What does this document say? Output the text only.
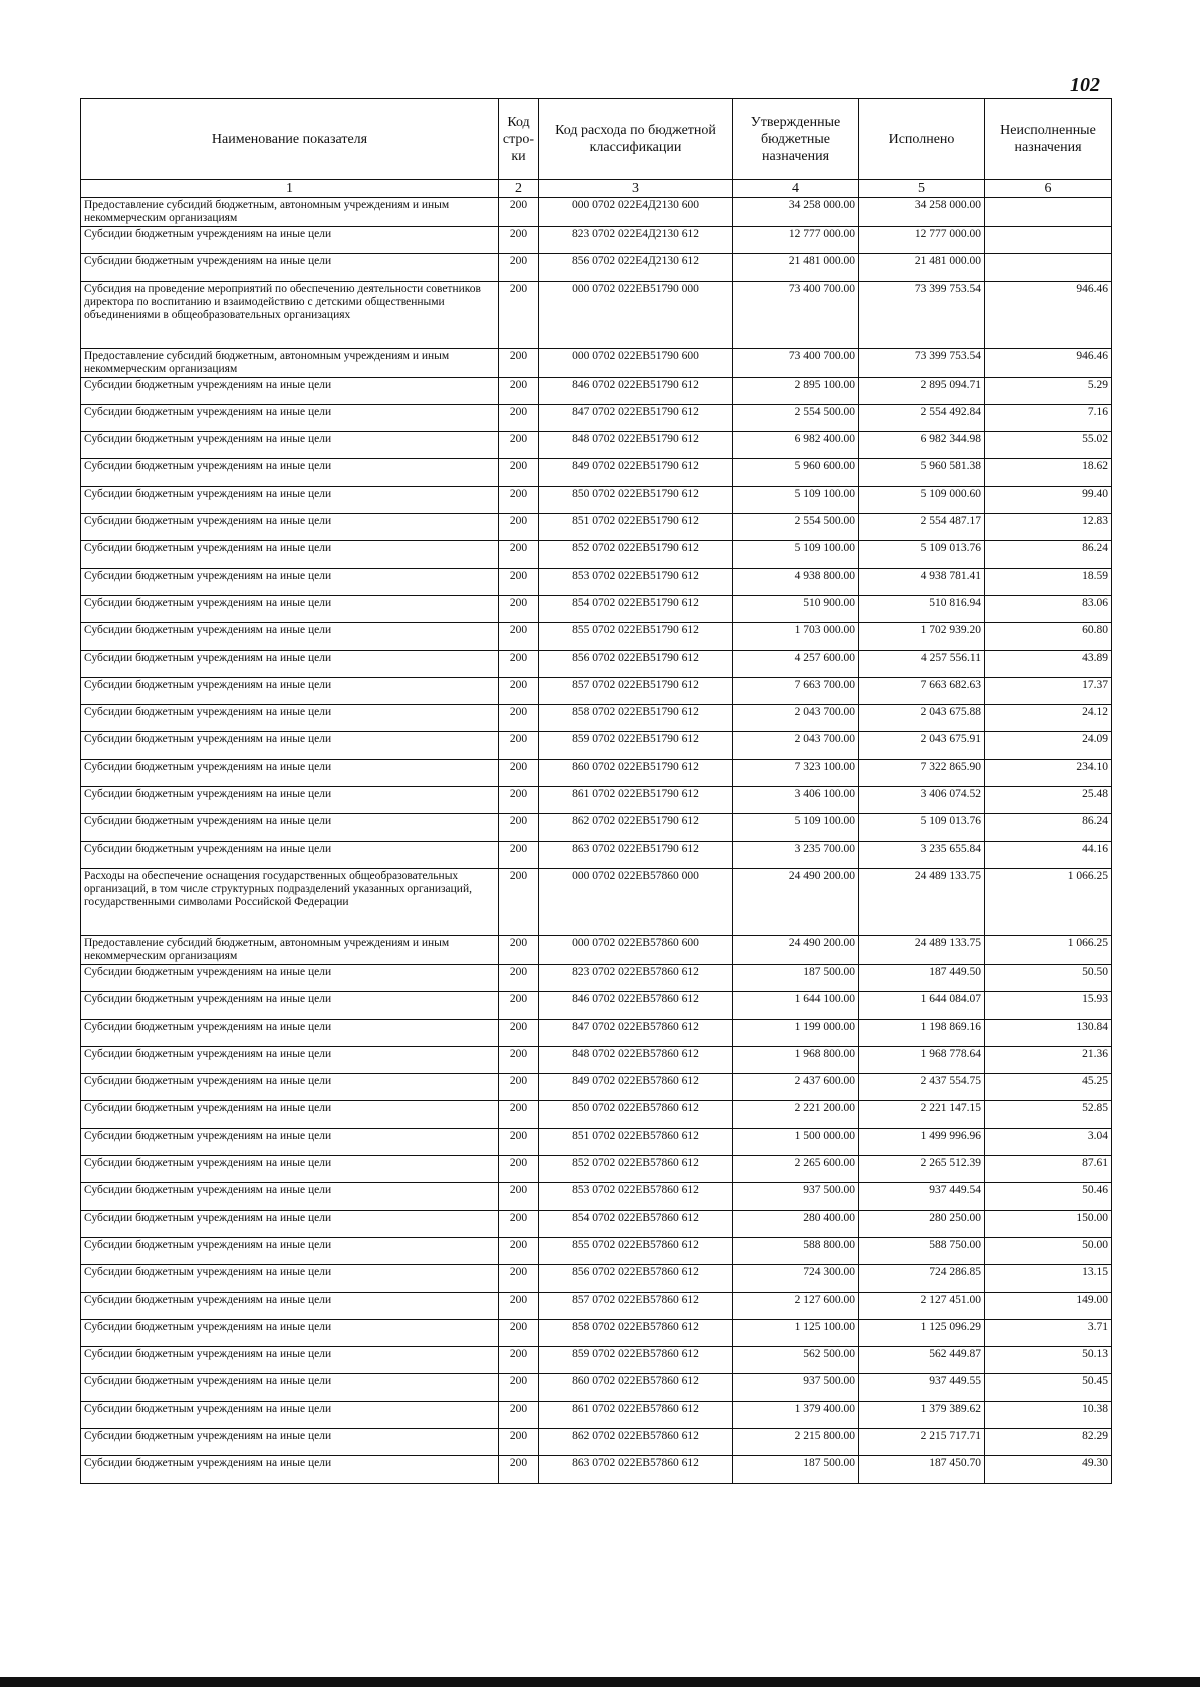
102
Наименование показателя	Код стро-ки	Код расхода по бюджетной классификации	Утвержденные бюджетные назначения	Исполнено	Неисполненные назначения
1	2	3	4	5	6
Предоставление субсидий бюджетным, автономным учреждениям и иным некоммерческим организациям	200	000 0702 022Е4Д2130 600	34 258 000.00	34 258 000.00	
Субсидии бюджетным учреждениям на иные цели	200	823 0702 022Е4Д2130 612	12 777 000.00	12 777 000.00	
Субсидии бюджетным учреждениям на иные цели	200	856 0702 022Е4Д2130 612	21 481 000.00	21 481 000.00	
Субсидия на проведение мероприятий по обеспечению деятельности советников директора по воспитанию и взаимодействию с детскими общественными объединениями в общеобразовательных организациях	200	000 0702 022ЕВ51790 000	73 400 700.00	73 399 753.54	946.46
Предоставление субсидий бюджетным, автономным учреждениям и иным некоммерческим организациям	200	000 0702 022ЕВ51790 600	73 400 700.00	73 399 753.54	946.46
Субсидии бюджетным учреждениям на иные цели	200	846 0702 022ЕВ51790 612	2 895 100.00	2 895 094.71	5.29
Субсидии бюджетным учреждениям на иные цели	200	847 0702 022ЕВ51790 612	2 554 500.00	2 554 492.84	7.16
Субсидии бюджетным учреждениям на иные цели	200	848 0702 022ЕВ51790 612	6 982 400.00	6 982 344.98	55.02
Субсидии бюджетным учреждениям на иные цели	200	849 0702 022ЕВ51790 612	5 960 600.00	5 960 581.38	18.62
Субсидии бюджетным учреждениям на иные цели	200	850 0702 022ЕВ51790 612	5 109 100.00	5 109 000.60	99.40
Субсидии бюджетным учреждениям на иные цели	200	851 0702 022ЕВ51790 612	2 554 500.00	2 554 487.17	12.83
Субсидии бюджетным учреждениям на иные цели	200	852 0702 022ЕВ51790 612	5 109 100.00	5 109 013.76	86.24
Субсидии бюджетным учреждениям на иные цели	200	853 0702 022ЕВ51790 612	4 938 800.00	4 938 781.41	18.59
Субсидии бюджетным учреждениям на иные цели	200	854 0702 022ЕВ51790 612	510 900.00	510 816.94	83.06
Субсидии бюджетным учреждениям на иные цели	200	855 0702 022ЕВ51790 612	1 703 000.00	1 702 939.20	60.80
Субсидии бюджетным учреждениям на иные цели	200	856 0702 022ЕВ51790 612	4 257 600.00	4 257 556.11	43.89
Субсидии бюджетным учреждениям на иные цели	200	857 0702 022ЕВ51790 612	7 663 700.00	7 663 682.63	17.37
Субсидии бюджетным учреждениям на иные цели	200	858 0702 022ЕВ51790 612	2 043 700.00	2 043 675.88	24.12
Субсидии бюджетным учреждениям на иные цели	200	859 0702 022ЕВ51790 612	2 043 700.00	2 043 675.91	24.09
Субсидии бюджетным учреждениям на иные цели	200	860 0702 022ЕВ51790 612	7 323 100.00	7 322 865.90	234.10
Субсидии бюджетным учреждениям на иные цели	200	861 0702 022ЕВ51790 612	3 406 100.00	3 406 074.52	25.48
Субсидии бюджетным учреждениям на иные цели	200	862 0702 022ЕВ51790 612	5 109 100.00	5 109 013.76	86.24
Субсидии бюджетным учреждениям на иные цели	200	863 0702 022ЕВ51790 612	3 235 700.00	3 235 655.84	44.16
Расходы на обеспечение оснащения государственных общеобразовательных организаций, в том числе структурных подразделений указанных организаций, государственными символами Российской Федерации	200	000 0702 022ЕВ57860 000	24 490 200.00	24 489 133.75	1 066.25
Предоставление субсидий бюджетным, автономным учреждениям и иным некоммерческим организациям	200	000 0702 022ЕВ57860 600	24 490 200.00	24 489 133.75	1 066.25
Субсидии бюджетным учреждениям на иные цели	200	823 0702 022ЕВ57860 612	187 500.00	187 449.50	50.50
Субсидии бюджетным учреждениям на иные цели	200	846 0702 022ЕВ57860 612	1 644 100.00	1 644 084.07	15.93
Субсидии бюджетным учреждениям на иные цели	200	847 0702 022ЕВ57860 612	1 199 000.00	1 198 869.16	130.84
Субсидии бюджетным учреждениям на иные цели	200	848 0702 022ЕВ57860 612	1 968 800.00	1 968 778.64	21.36
Субсидии бюджетным учреждениям на иные цели	200	849 0702 022ЕВ57860 612	2 437 600.00	2 437 554.75	45.25
Субсидии бюджетным учреждениям на иные цели	200	850 0702 022ЕВ57860 612	2 221 200.00	2 221 147.15	52.85
Субсидии бюджетным учреждениям на иные цели	200	851 0702 022ЕВ57860 612	1 500 000.00	1 499 996.96	3.04
Субсидии бюджетным учреждениям на иные цели	200	852 0702 022ЕВ57860 612	2 265 600.00	2 265 512.39	87.61
Субсидии бюджетным учреждениям на иные цели	200	853 0702 022ЕВ57860 612	937 500.00	937 449.54	50.46
Субсидии бюджетным учреждениям на иные цели	200	854 0702 022ЕВ57860 612	280 400.00	280 250.00	150.00
Субсидии бюджетным учреждениям на иные цели	200	855 0702 022ЕВ57860 612	588 800.00	588 750.00	50.00
Субсидии бюджетным учреждениям на иные цели	200	856 0702 022ЕВ57860 612	724 300.00	724 286.85	13.15
Субсидии бюджетным учреждениям на иные цели	200	857 0702 022ЕВ57860 612	2 127 600.00	2 127 451.00	149.00
Субсидии бюджетным учреждениям на иные цели	200	858 0702 022ЕВ57860 612	1 125 100.00	1 125 096.29	3.71
Субсидии бюджетным учреждениям на иные цели	200	859 0702 022ЕВ57860 612	562 500.00	562 449.87	50.13
Субсидии бюджетным учреждениям на иные цели	200	860 0702 022ЕВ57860 612	937 500.00	937 449.55	50.45
Субсидии бюджетным учреждениям на иные цели	200	861 0702 022ЕВ57860 612	1 379 400.00	1 379 389.62	10.38
Субсидии бюджетным учреждениям на иные цели	200	862 0702 022ЕВ57860 612	2 215 800.00	2 215 717.71	82.29
Субсидии бюджетным учреждениям на иные цели	200	863 0702 022ЕВ57860 612	187 500.00	187 450.70	49.30
